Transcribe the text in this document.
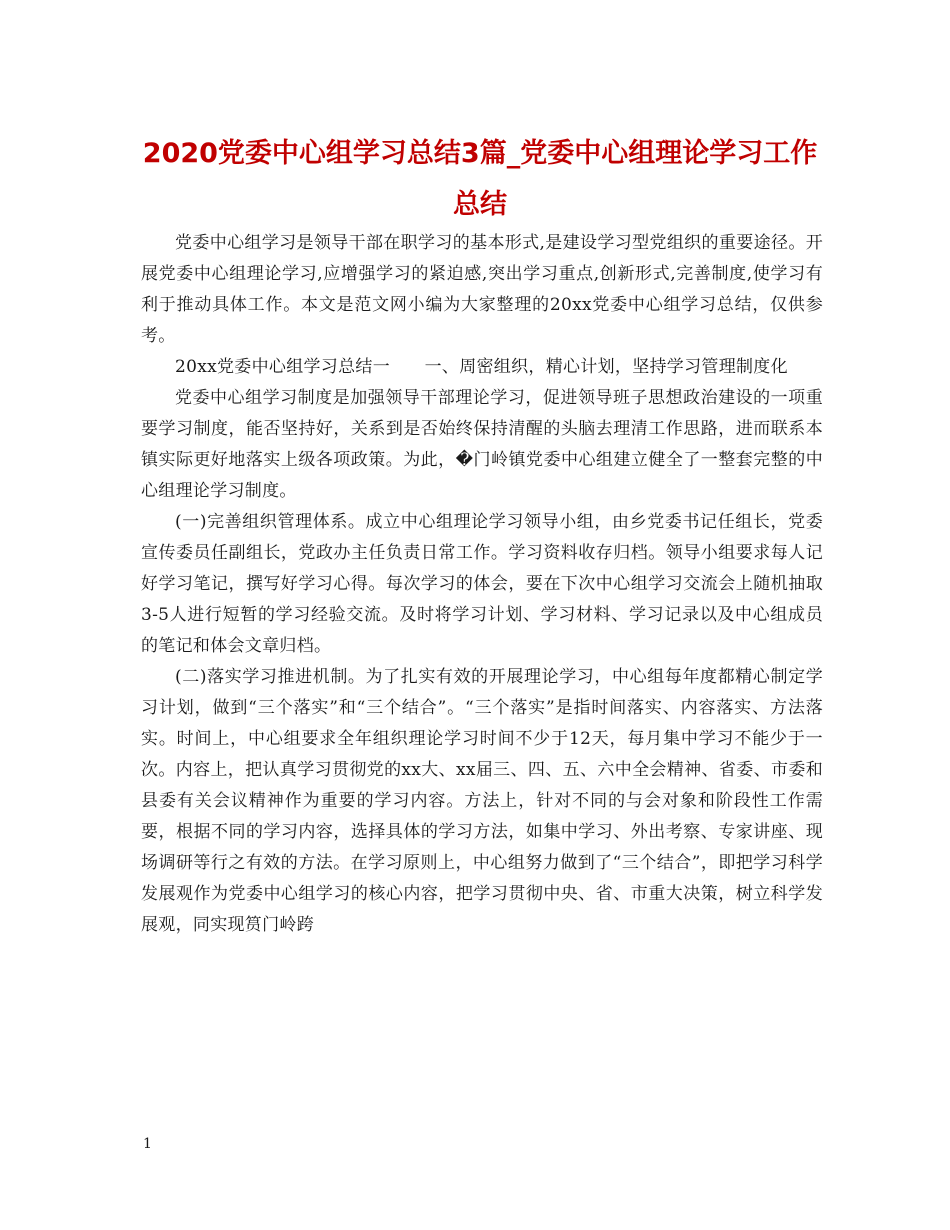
2020党委中心组学习总结3篇_党委中心组理论学习工作总结

党委中心组学习是领导干部在职学习的基本形式,是建设学习型党组织的重要途径。开展党委中心组理论学习,应增强学习的紧迫感,突出学习重点,创新形式,完善制度,使学习有利于推动具体工作。本文是范文网小编为大家整理的20xx党委中心组学习总结，仅供参考。

20xx党委中心组学习总结一　　一、周密组织，精心计划，坚持学习管理制度化

党委中心组学习制度是加强领导干部理论学习，促进领导班子思想政治建设的一项重要学习制度，能否坚持好，关系到是否始终保持清醒的头脑去理清工作思路，进而联系本镇实际更好地落实上级各项政策。为此，�门岭镇党委中心组建立健全了一整套完整的中心组理论学习制度。

(一)完善组织管理体系。成立中心组理论学习领导小组，由乡党委书记任组长，党委宣传委员任副组长，党政办主任负责日常工作。学习资料收存归档。领导小组要求每人记好学习笔记，撰写好学习心得。每次学习的体会，要在下次中心组学习交流会上随机抽取3-5人进行短暂的学习经验交流。及时将学习计划、学习材料、学习记录以及中心组成员的笔记和体会文章归档。

(二)落实学习推进机制。为了扎实有效的开展理论学习，中心组每年度都精心制定学习计划，做到“三个落实”和“三个结合”。“三个落实”是指时间落实、内容落实、方法落实。时间上，中心组要求全年组织理论学习时间不少于12天，每月集中学习不能少于一次。内容上，把认真学习贯彻党的xx大、xx届三、四、五、六中全会精神、省委、市委和县委有关会议精神作为重要的学习内容。方法上，针对不同的与会对象和阶段性工作需要，根据不同的学习内容，选择具体的学习方法，如集中学习、外出考察、专家讲座、现场调研等行之有效的方法。在学习原则上，中心组努力做到了“三个结合”，即把学习科学发展观作为党委中心组学习的核心内容，把学习贯彻中央、省、市重大决策，树立科学发展观，同实现筼门岭跨

1
